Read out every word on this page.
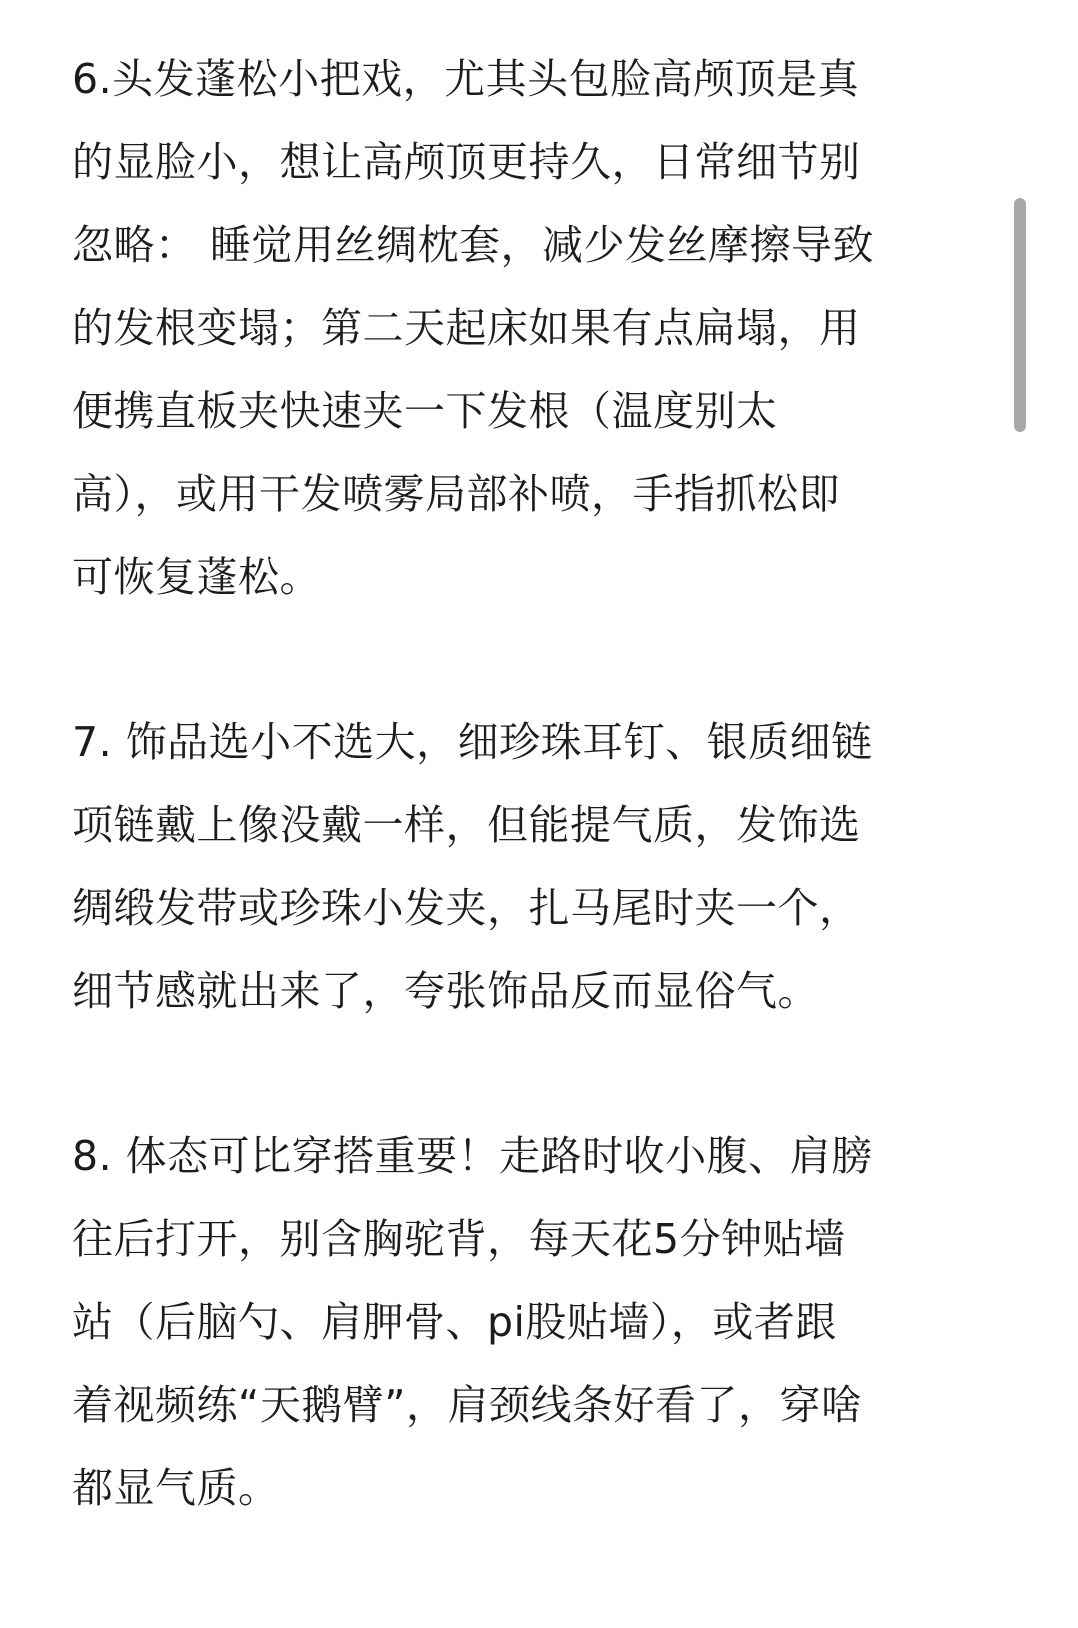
6.头发蓬松小把戏，尤其头包脸高颅顶是真
的显脸小，想让高颅顶更持久，日常细节别
忽略： 睡觉用丝绸枕套，减少发丝摩擦导致
的发根变塌；第二天起床如果有点扁塌，用
便携直板夹快速夹一下发根（温度别太
高），或用干发喷雾局部补喷，手指抓松即
可恢复蓬松。

7. 饰品选小不选大，细珍珠耳钉、银质细链
项链戴上像没戴一样，但能提气质，发饰选
绸缎发带或珍珠小发夹，扎马尾时夹一个，
细节感就出来了，夸张饰品反而显俗气。

8. 体态可比穿搭重要！走路时收小腹、肩膀
往后打开，别含胸驼背，每天花5分钟贴墙
站（后脑勺、肩胛骨、pi股贴墙），或者跟
着视频练“天鹅臂”，肩颈线条好看了，穿啥
都显气质。
